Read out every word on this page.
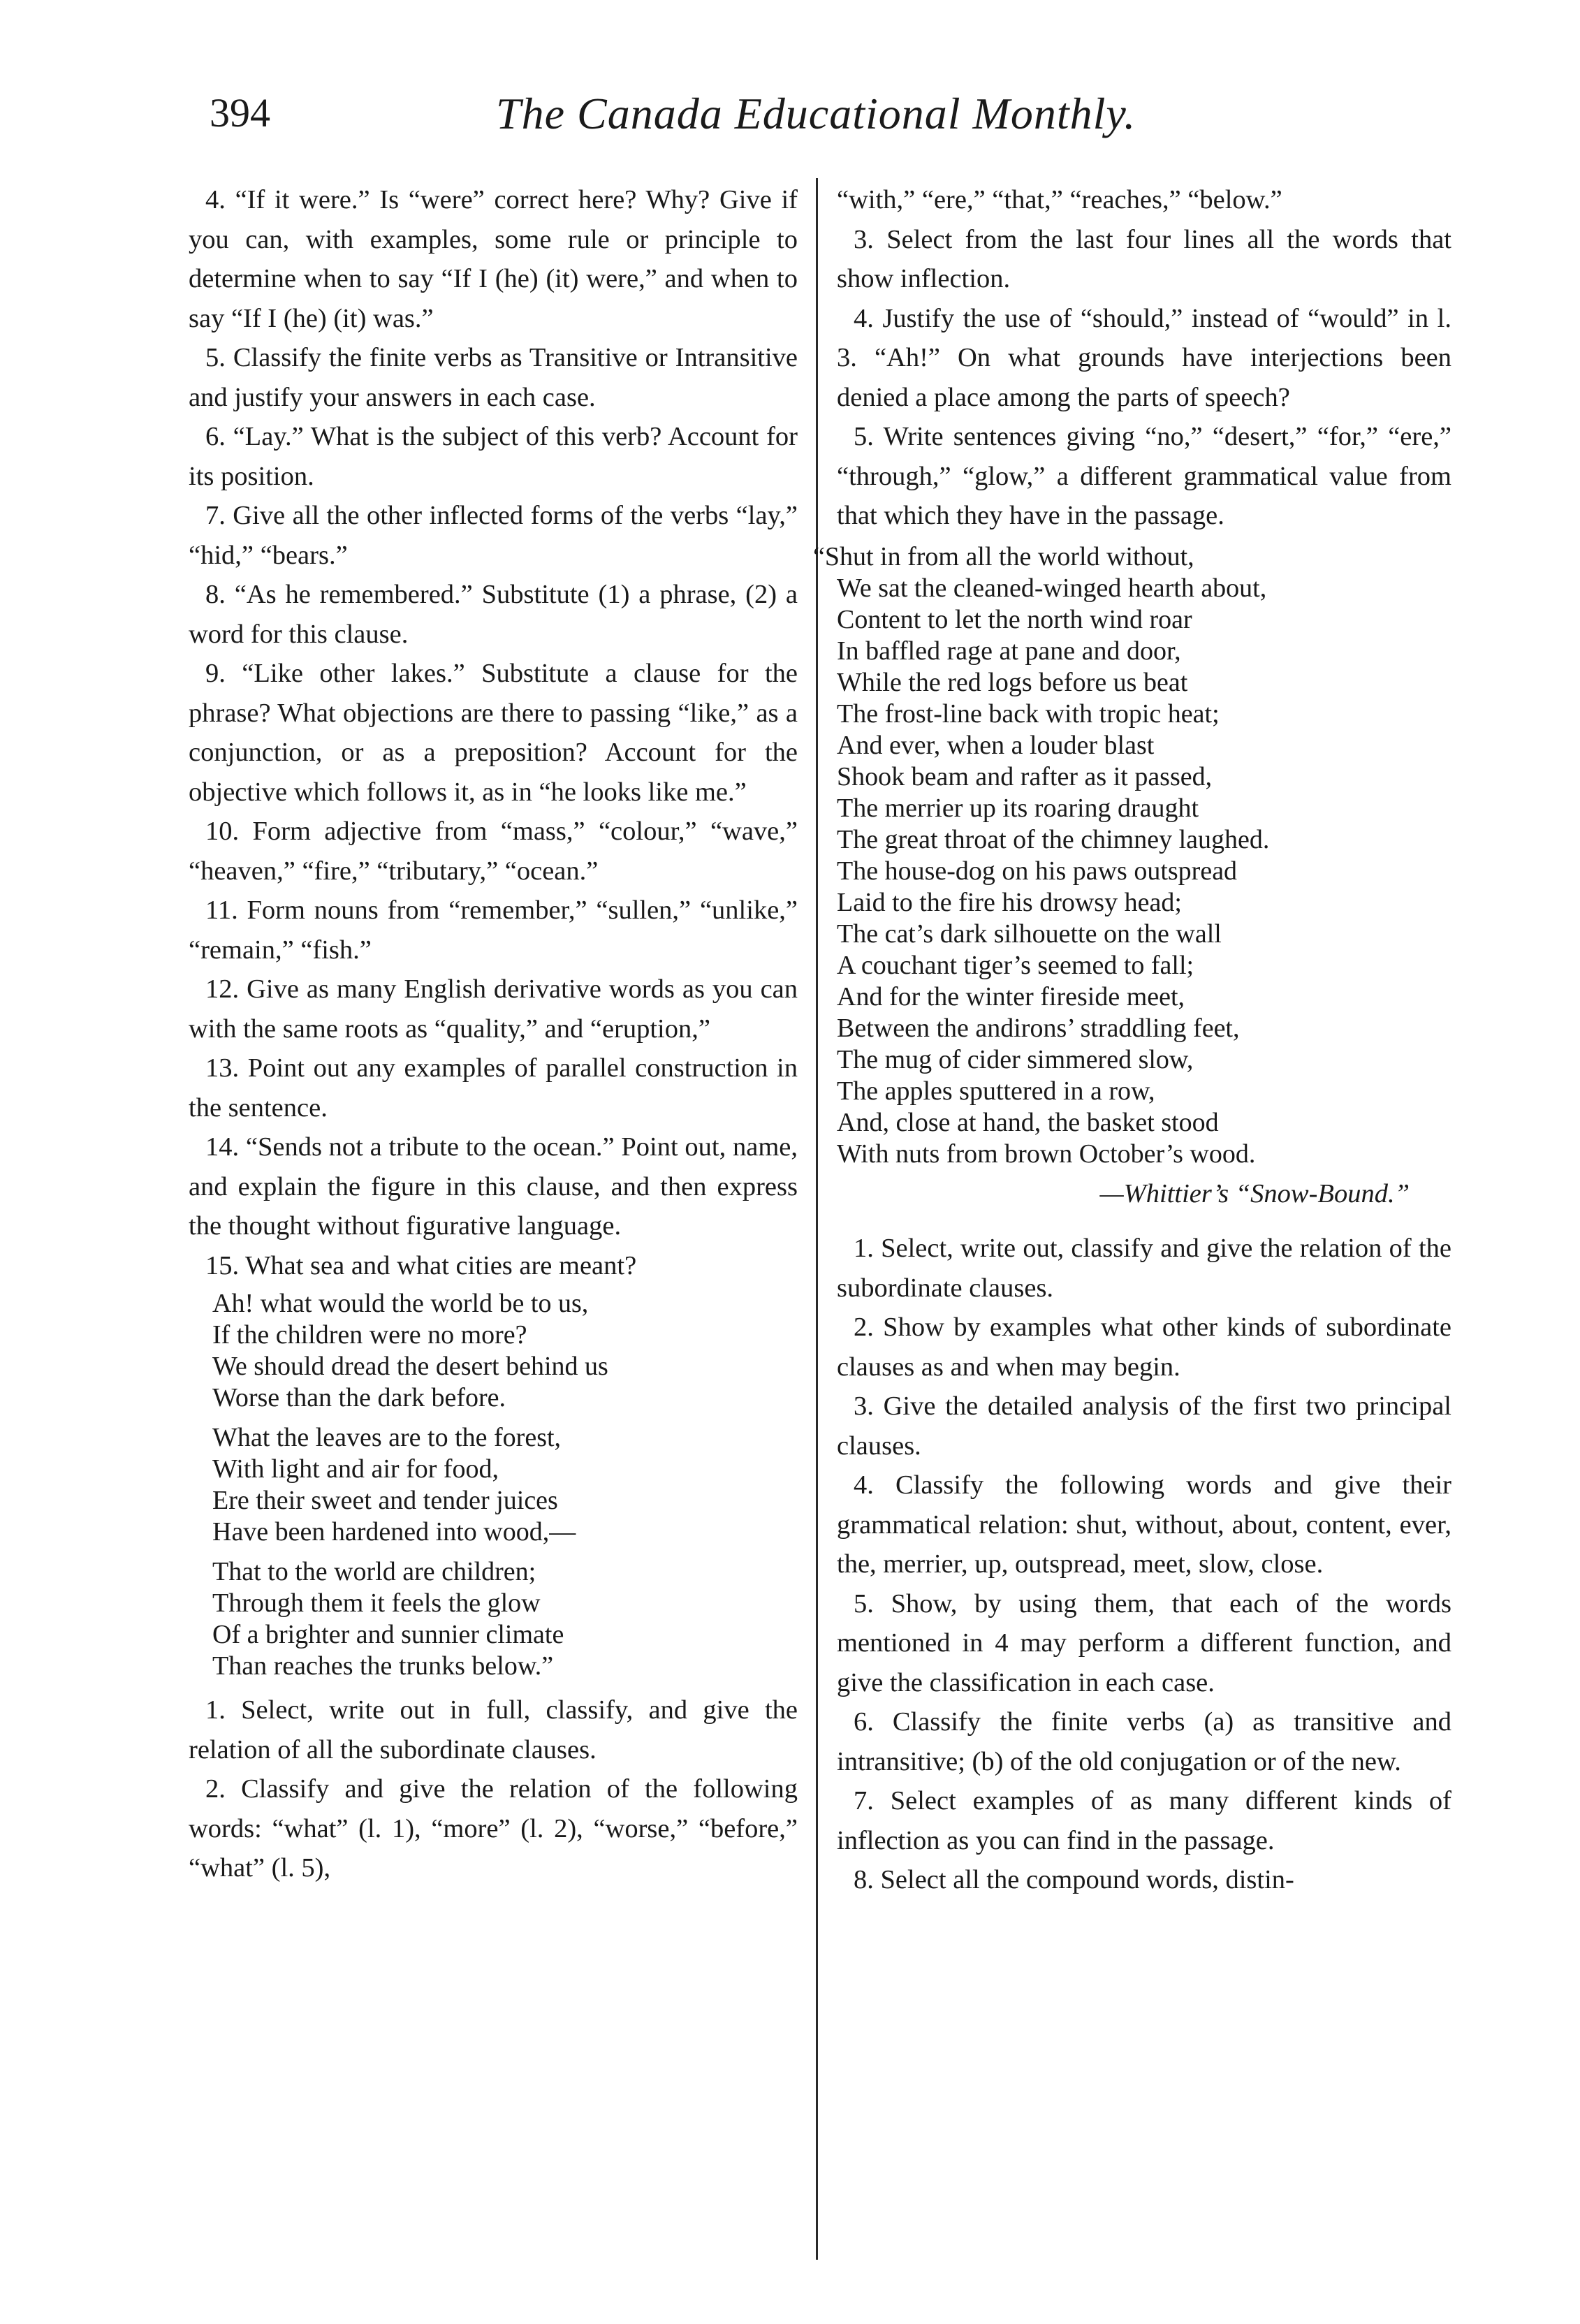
394	The Canada Educational Monthly.

4. “If it were.” Is “were” correct here? Why? Give if you can, with examples, some rule or principle to determine when to say “If I (he) (it) were,” and when to say “If I (he) (it) was.”

5. Classify the finite verbs as Transitive or Intransitive and justify your answers in each case.

6. “Lay.” What is the subject of this verb? Account for its position.

7. Give all the other inflected forms of the verbs “lay,” “hid,” “bears.”

8. “As he remembered.” Substitute (1) a phrase, (2) a word for this clause.

9. “Like other lakes.” Substitute a clause for the phrase? What objections are there to passing “like,” as a conjunction, or as a preposition? Account for the objective which follows it, as in “he looks like me.”

10. Form adjective from “mass,” “colour,” “wave,” “heaven,” “fire,” “tributary,” “ocean.”

11. Form nouns from “remember,” “sullen,” “unlike,” “remain,” “fish.”

12. Give as many English derivative words as you can with the same roots as “quality,” and “eruption,”

13. Point out any examples of parallel construction in the sentence.

14. “Sends not a tribute to the ocean.” Point out, name, and explain the figure in this clause, and then express the thought without figurative language.

15. What sea and what cities are meant?

Ah! what would the world be to us,
If the children were no more?
We should dread the desert behind us
Worse than the dark before.
What the leaves are to the forest,
With light and air for food,
Ere their sweet and tender juices
Have been hardened into wood,—
That to the world are children;
Through them it feels the glow
Of a brighter and sunnier climate
Than reaches the trunks below.”

1. Select, write out in full, classify, and give the relation of all the subordinate clauses.

2. Classify and give the relation of the following words: “what” (l. 1), “more” (l. 2), “worse,” “before,” “what” (l. 5),

“with,” “ere,” “that,” “reaches,” “below.”

3. Select from the last four lines all the words that show inflection.

4. Justify the use of “should,” instead of “would” in l. 3. “Ah!” On what grounds have interjections been denied a place among the parts of speech?

5. Write sentences giving “no,” “desert,” “for,” “ere,” “through,” “glow,” a different grammatical value from that which they have in the passage.

“Shut in from all the world without,
We sat the cleaned-winged hearth about,
Content to let the north wind roar
In baffled rage at pane and door,
While the red logs before us beat
The frost-line back with tropic heat;
And ever, when a louder blast
Shook beam and rafter as it passed,
The merrier up its roaring draught
The great throat of the chimney laughed.
The house-dog on his paws outspread
Laid to the fire his drowsy head;
The cat’s dark silhouette on the wall
A couchant tiger’s seemed to fall;
And for the winter fireside meet,
Between the andirons’ straddling feet,
The mug of cider simmered slow,
The apples sputtered in a row,
And, close at hand, the basket stood
With nuts from brown October’s wood.
—Whittier’s “Snow-Bound.”

1. Select, write out, classify and give the relation of the subordinate clauses.

2. Show by examples what other kinds of subordinate clauses as and when may begin.

3. Give the detailed analysis of the first two principal clauses.

4. Classify the following words and give their grammatical relation: shut, without, about, content, ever, the, merrier, up, outspread, meet, slow, close.

5. Show, by using them, that each of the words mentioned in 4 may perform a different function, and give the classification in each case.

6. Classify the finite verbs (a) as transitive and intransitive; (b) of the old conjugation or of the new.

7. Select examples of as many different kinds of inflection as you can find in the passage.

8. Select all the compound words, distin-
